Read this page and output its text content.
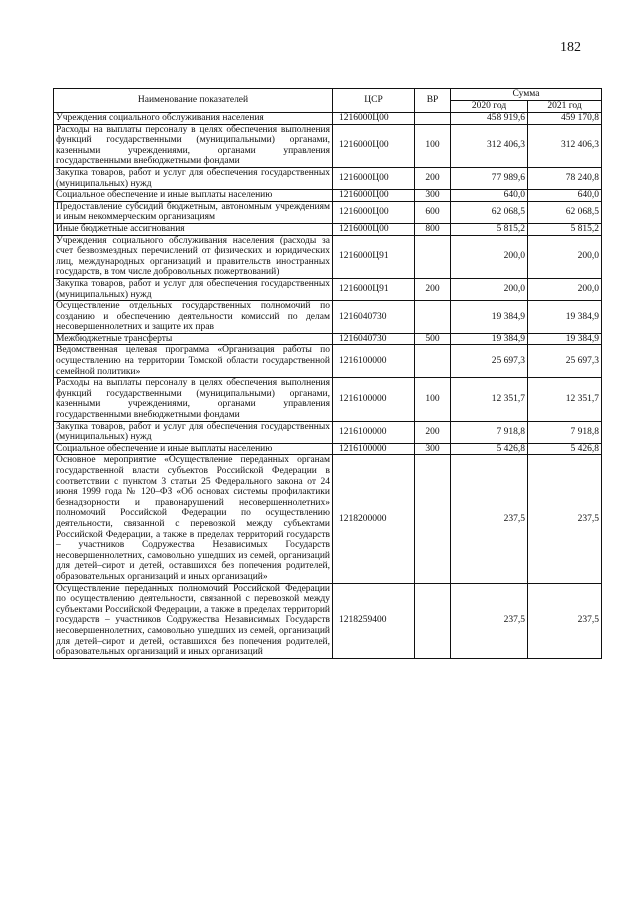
182
Наименование показателей	ЦСР	ВР	Сумма	
			2020 год	2021 год
Учреждения социального обслуживания населения	1216000Ц00		458 919,6	459 170,8
Расходы на выплаты персоналу в целях обеспечения выполнения функций государственными (муниципальными) органами, казенными учреждениями, органами управления государственными внебюджетными фондами	1216000Ц00	100	312 406,3	312 406,3
Закупка товаров, работ и услуг для обеспечения государственных (муниципальных) нужд	1216000Ц00	200	77 989,6	78 240,8
Социальное обеспечение и иные выплаты населению	1216000Ц00	300	640,0	640,0
Предоставление субсидий бюджетным, автономным учреждениям и иным некоммерческим организациям	1216000Ц00	600	62 068,5	62 068,5
Иные бюджетные ассигнования	1216000Ц00	800	5 815,2	5 815,2
Учреждения социального обслуживания населения (расходы за счет безвозмездных перечислений от физических и юридических лиц, международных организаций и правительств иностранных государств, в том числе добровольных пожертвований)	1216000Ц91		200,0	200,0
Закупка товаров, работ и услуг для обеспечения государственных (муниципальных) нужд	1216000Ц91	200	200,0	200,0
Осуществление отдельных государственных полномочий по созданию и обеспечению деятельности комиссий по делам несовершеннолетних и защите их прав	1216040730		19 384,9	19 384,9
Межбюджетные трансферты	1216040730	500	19 384,9	19 384,9
Ведомственная целевая программа «Организация работы по осуществлению на территории Томской области государственной семейной политики»	1216100000		25 697,3	25 697,3
Расходы на выплаты персоналу в целях обеспечения выполнения функций государственными (муниципальными) органами, казенными учреждениями, органами управления государственными внебюджетными фондами	1216100000	100	12 351,7	12 351,7
Закупка товаров, работ и услуг для обеспечения государственных (муниципальных) нужд	1216100000	200	7 918,8	7 918,8
Социальное обеспечение и иные выплаты населению	1216100000	300	5 426,8	5 426,8
Основное мероприятие «Осуществление переданных органам государственной власти субъектов Российской Федерации в соответствии с пунктом 3 статьи 25 Федерального закона от 24 июня 1999 года № 120–ФЗ «Об основах системы профилактики безнадзорности и правонарушений несовершеннолетних» полномочий Российской Федерации по осуществлению деятельности, связанной с перевозкой между субъектами Российской Федерации, а также в пределах территорий государств – участников Содружества Независимых Государств несовершеннолетних, самовольно ушедших из семей, организаций для детей–сирот и детей, оставшихся без попечения родителей, образовательных организаций и иных организаций»	1218200000		237,5	237,5
Осуществление переданных полномочий Российской Федерации по осуществлению деятельности, связанной с перевозкой между субъектами Российской Федерации, а также в пределах территорий государств – участников Содружества Независимых Государств несовершеннолетних, самовольно ушедших из семей, организаций для детей–сирот и детей, оставшихся без попечения родителей, образовательных организаций и иных организаций	1218259400		237,5	237,5
